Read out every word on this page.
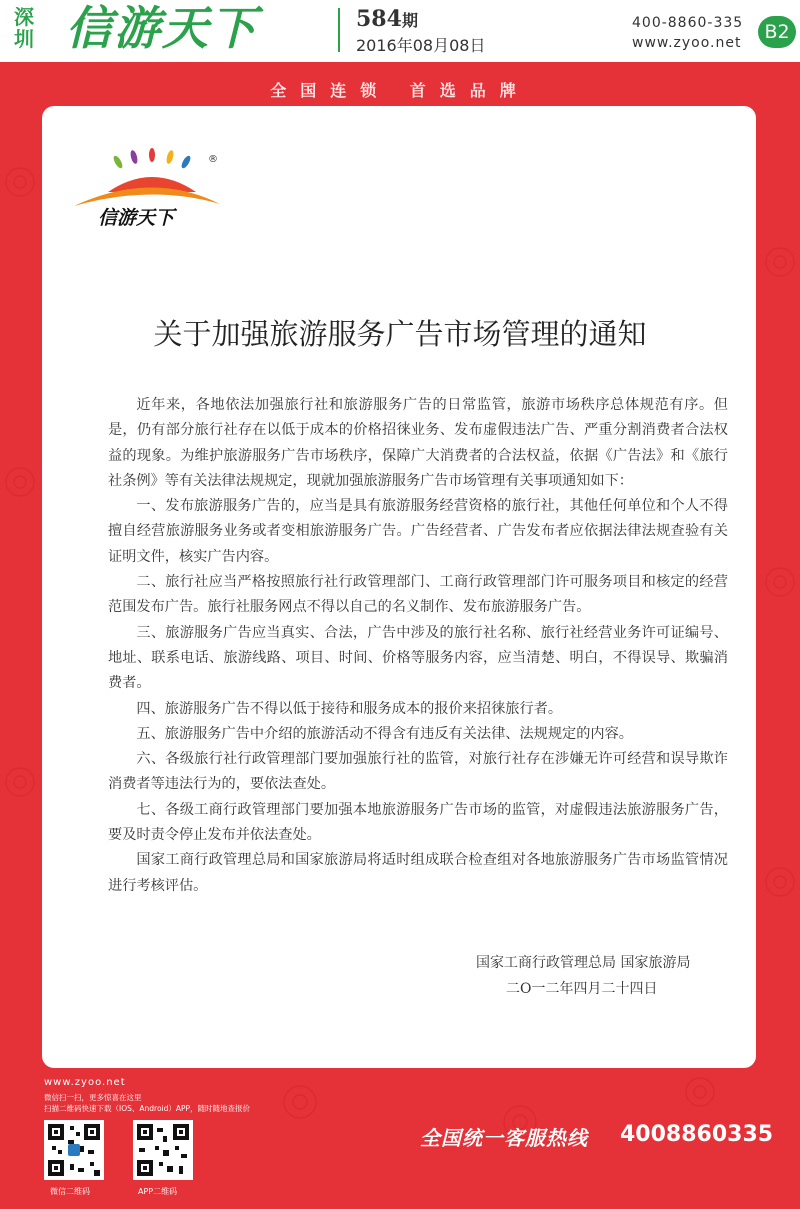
深圳 信游天下	584期
2016年08月08日
400-8860-335
www.zyoo.net	B2
全国连锁 首选品牌
®
信游天下
关于加强旅游服务广告市场管理的通知

近年来，各地依法加强旅行社和旅游服务广告的日常监管，旅游市场秩序总体规范有序。但是，仍有部分旅行社存在以低于成本的价格招徕业务、发布虚假违法广告、严重分割消费者合法权益的现象。为维护旅游服务广告市场秩序，保障广大消费者的合法权益，依据《广告法》和《旅行社条例》等有关法律法规规定，现就加强旅游服务广告市场管理有关事项通知如下：

一、发布旅游服务广告的，应当是具有旅游服务经营资格的旅行社，其他任何单位和个人不得擅自经营旅游服务业务或者变相旅游服务广告。广告经营者、广告发布者应依据法律法规查验有关证明文件，核实广告内容。

二、旅行社应当严格按照旅行社行政管理部门、工商行政管理部门许可服务项目和核定的经营范围发布广告。旅行社服务网点不得以自己的名义制作、发布旅游服务广告。

三、旅游服务广告应当真实、合法，广告中涉及的旅行社名称、旅行社经营业务许可证编号、地址、联系电话、旅游线路、项目、时间、价格等服务内容，应当清楚、明白，不得误导、欺骗消费者。

四、旅游服务广告不得以低于接待和服务成本的报价来招徕旅行者。

五、旅游服务广告中介绍的旅游活动不得含有违反有关法律、法规规定的内容。

六、各级旅行社行政管理部门要加强旅行社的监管，对旅行社存在涉嫌无许可经营和误导欺诈消费者等违法行为的，要依法查处。

七、各级工商行政管理部门要加强本地旅游服务广告市场的监管，对虚假违法旅游服务广告，要及时责令停止发布并依法查处。

国家工商行政管理总局和国家旅游局将适时组成联合检查组对各地旅游服务广告市场监管情况进行考核评估。

国家工商行政管理总局 国家旅游局
二O一二年四月二十四日
www.zyoo.net
微信扫一扫，更多惊喜在这里
扫描二维码快速下载（IOS、Android）APP，随时随地查报价
微信二维码	APP二维码
全国统一客服热线 4008860335
